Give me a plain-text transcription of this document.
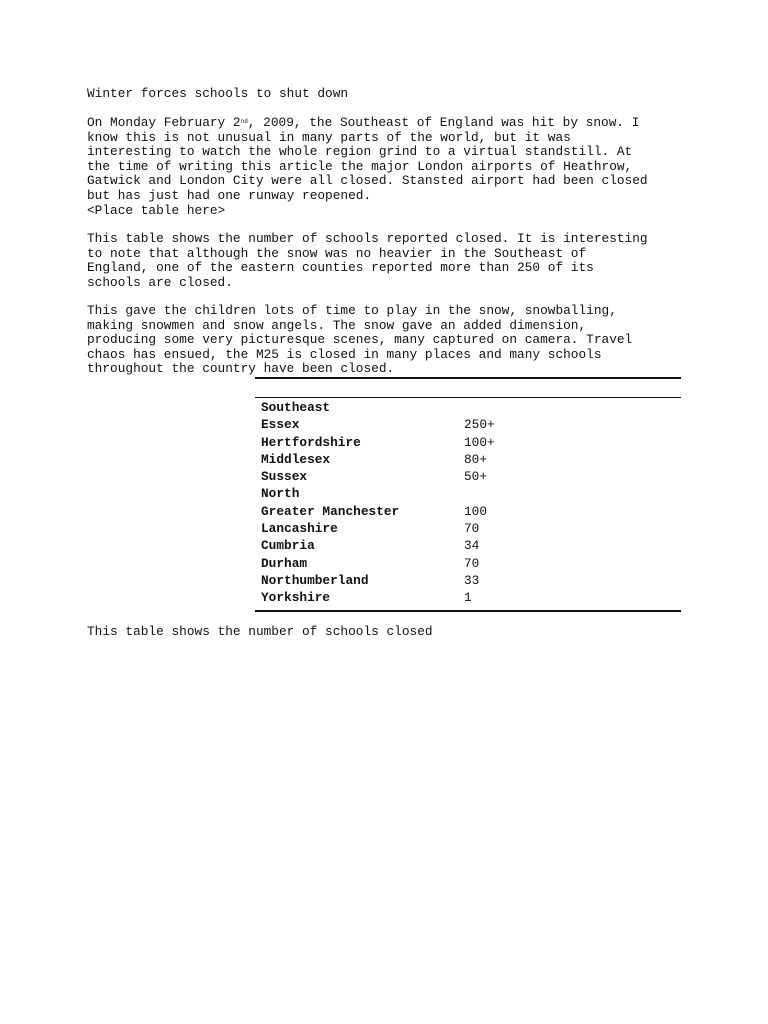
Winter forces schools to shut down

On Monday February 2nd, 2009, the Southeast of England was hit by snow. I
know this is not unusual in many parts of the world, but it was
interesting to watch the whole region grind to a virtual standstill. At
the time of writing this article the major London airports of Heathrow,
Gatwick and London City were all closed. Stansted airport had been closed
but has just had one runway reopened.
<Place table here>

This table shows the number of schools reported closed. It is interesting
to note that although the snow was no heavier in the Southeast of
England, one of the eastern counties reported more than 250 of its
schools are closed.

This gave the children lots of time to play in the snow, snowballing,
making snowmen and snow angels. The snow gave an added dimension,
producing some very picturesque scenes, many captured on camera. Travel
chaos has ensued, the M25 is closed in many places and many schools
throughout the country have been closed.

Southeast
Essex	250+
Hertfordshire	100+
Middlesex	80+
Sussex	50+
North
Greater Manchester	100
Lancashire	70
Cumbria	34
Durham	70
Northumberland	33
Yorkshire	1

This table shows the number of schools closed
